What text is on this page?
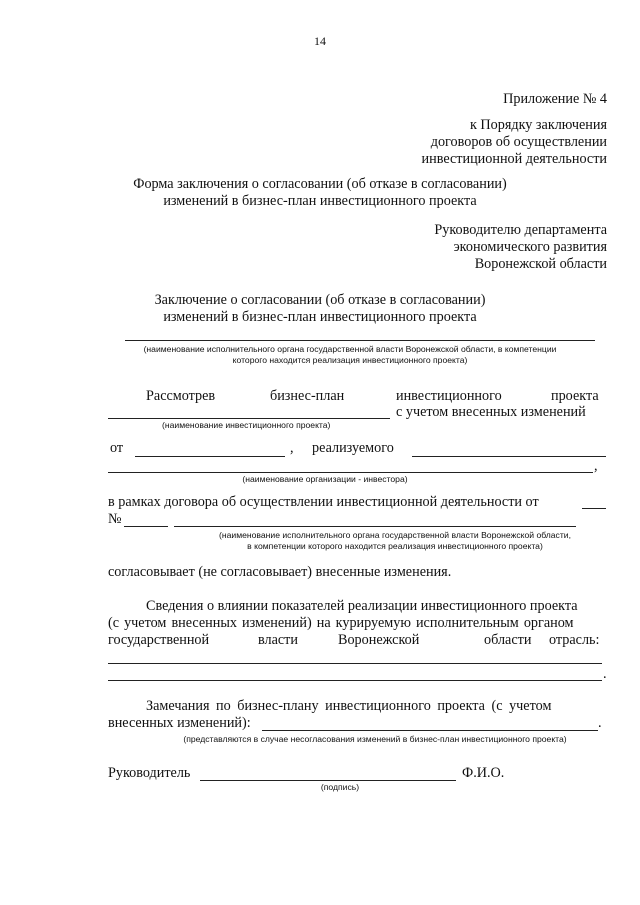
14
Приложение № 4
к Порядку заключения
договоров об осуществлении
инвестиционной деятельности
Форма заключения о согласовании (об отказе в согласовании)
изменений в бизнес-план инвестиционного проекта
Руководителю департамента
экономического развития
Воронежской области
Заключение о согласовании (об отказе в согласовании)
изменений в бизнес-план инвестиционного проекта
(наименование исполнительного органа государственной власти Воронежской области, в компетенции
которого находится реализация инвестиционного проекта)
Рассмотрев	бизнес-план	инвестиционного	проекта
с учетом внесенных изменений
(наименование инвестиционного проекта)
от	, реализуемого
,
(наименование организации - инвестора)
в рамках договора об осуществлении инвестиционной деятельности от
№
(наименование исполнительного органа государственной власти Воронежской области,
в компетенции которого находится реализация инвестиционного проекта)
согласовывает (не согласовывает) внесенные изменения.
Сведения о влиянии показателей реализации инвестиционного проекта
(с учетом внесенных изменений) на курируемую исполнительным органом
государственной	власти	Воронежской	области отрасль:
.
Замечания по бизнес-плану инвестиционного проекта (с учетом
внесенных изменений):	.
(представляются в случае несогласования изменений в бизнес-план инвестиционного проекта)
Руководитель	Ф.И.О.
(подпись)
